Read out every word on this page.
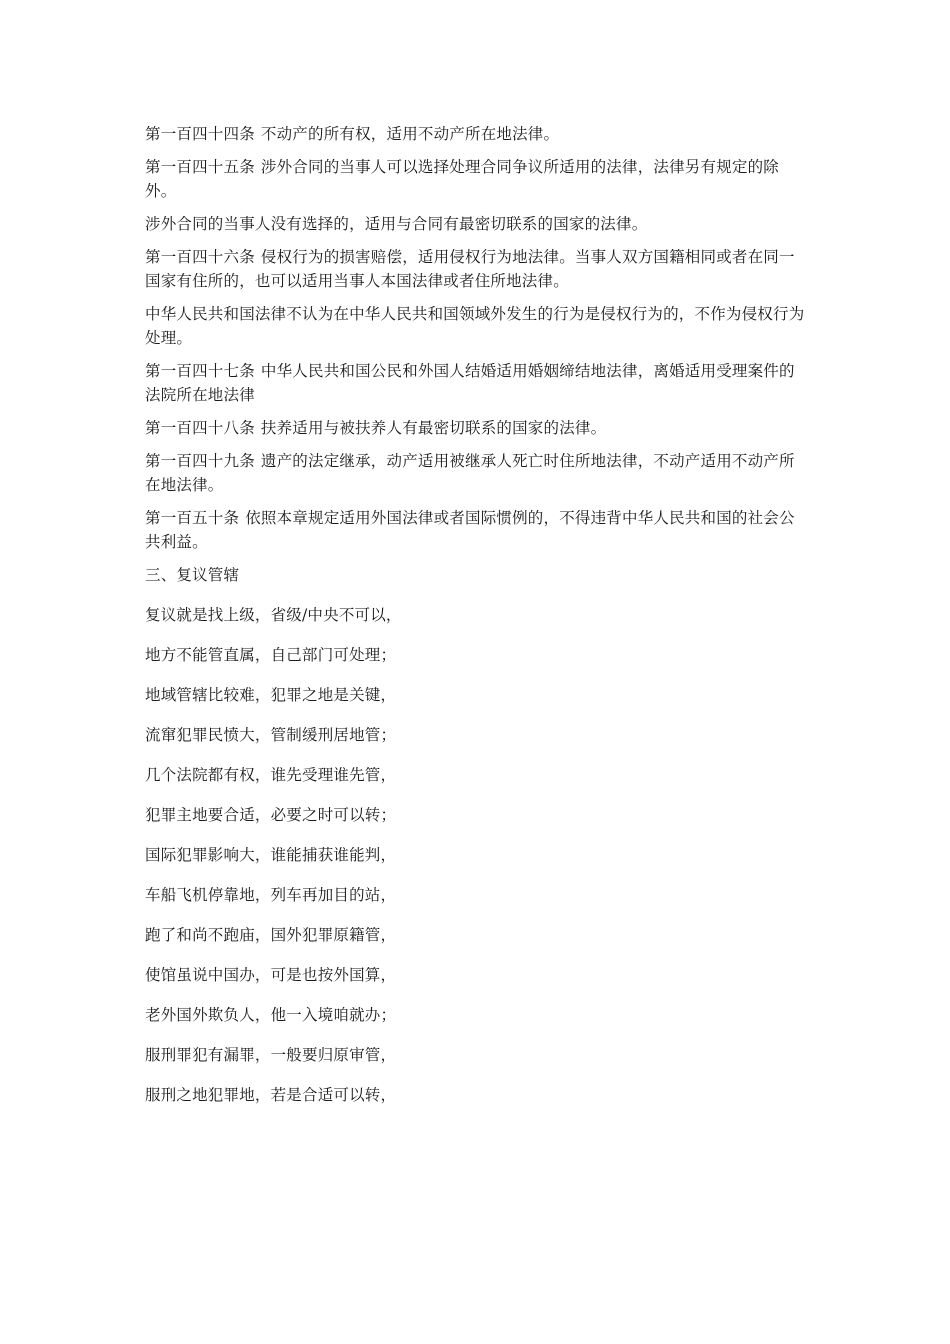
第一百四十四条 不动产的所有权，适用不动产所在地法律。

第一百四十五条 涉外合同的当事人可以选择处理合同争议所适用的法律，法律另有规定的除外。

涉外合同的当事人没有选择的，适用与合同有最密切联系的国家的法律。

第一百四十六条 侵权行为的损害赔偿，适用侵权行为地法律。当事人双方国籍相同或者在同一国家有住所的，也可以适用当事人本国法律或者住所地法律。

中华人民共和国法律不认为在中华人民共和国领域外发生的行为是侵权行为的，不作为侵权行为处理。

第一百四十七条 中华人民共和国公民和外国人结婚适用婚姻缔结地法律，离婚适用受理案件的法院所在地法律

第一百四十八条 扶养适用与被扶养人有最密切联系的国家的法律。

第一百四十九条 遗产的法定继承，动产适用被继承人死亡时住所地法律，不动产适用不动产所在地法律。

第一百五十条 依照本章规定适用外国法律或者国际惯例的，不得违背中华人民共和国的社会公共利益。

三、复议管辖

复议就是找上级，省级/中央不可以，

地方不能管直属，自己部门可处理；

地域管辖比较难，犯罪之地是关键，

流窜犯罪民愤大，管制缓刑居地管；

几个法院都有权，谁先受理谁先管，

犯罪主地要合适，必要之时可以转；

国际犯罪影响大，谁能捕获谁能判，

车船飞机停靠地，列车再加目的站，

跑了和尚不跑庙，国外犯罪原籍管，

使馆虽说中国办，可是也按外国算，

老外国外欺负人，他一入境咱就办；

服刑罪犯有漏罪，一般要归原审管，

服刑之地犯罪地，若是合适可以转，
